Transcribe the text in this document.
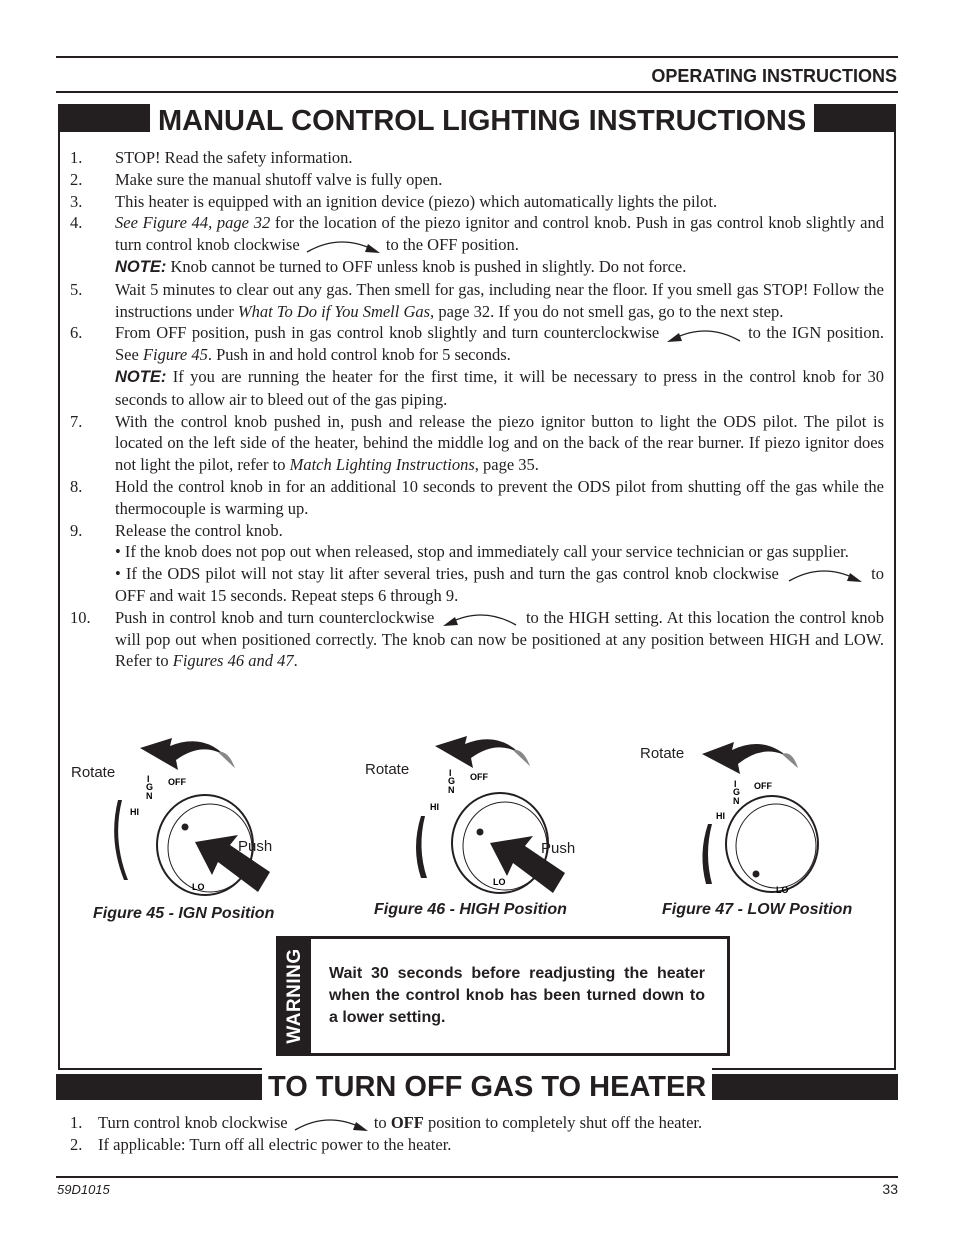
OPERATING INSTRUCTIONS
MANUAL CONTROL LIGHTING INSTRUCTIONS
1.	STOP! Read the safety information.
2.	Make sure the manual shutoff valve is fully open.
3.	This heater is equipped with an ignition device (piezo) which automatically lights the pilot.
4.	See Figure 44, page 32 for the location of the piezo ignitor and control knob. Push in gas control knob slightly and turn control knob clockwise	to the OFF position.
NOTE: Knob cannot be turned to OFF unless knob is pushed in slightly. Do not force.
5.	Wait 5 minutes to clear out any gas. Then smell for gas, including near the floor. If you smell gas STOP! Follow the instructions under What To Do if You Smell Gas, page 32. If you do not smell gas, go to the next step.
6.	From OFF position, push in gas control knob slightly and turn counterclockwise	to the IGN position. See Figure 45. Push in and hold control knob for 5 seconds.
NOTE: If you are running the heater for the first time, it will be necessary to press in the control knob for 30 seconds to allow air to bleed out of the gas piping.
7.	With the control knob pushed in, push and release the piezo ignitor button to light the ODS pilot. The pilot is located on the left side of the heater, behind the middle log and on the back of the rear burner. If piezo ignitor does not light the pilot, refer to Match Lighting Instructions, page 35.
8.	Hold the control knob in for an additional 10 seconds to prevent the ODS pilot from shutting off the gas while the thermocouple is warming up.
9.	Release the control knob.

• If the knob does not pop out when released, stop and immediately call your service technician or gas supplier.
• If the ODS pilot will not stay lit after several tries, push and turn the gas control knob clockwise	to OFF and wait 15 seconds. Repeat steps 6 through 9.
10.	Push in control knob and turn counterclockwise	to the HIGH setting. At this location the control knob will pop out when positioned correctly. The knob can now be positioned at any position between HIGH and LOW. Refer to Figures 46 and 47.
I
G
N
OFF
HI
LO
Rotate
Push
Figure 45 - IGN Position
I
G
N
OFF
HI
LO
Rotate
Push
Figure 46 - HIGH Position
I
G
N
OFF
HI
LO
Rotate
Figure 47 - LOW Position
WARNING Wait 30 seconds before readjusting the heater when the control knob has been turned down to a lower setting.
TO TURN OFF GAS TO HEATER
1. Turn control knob clockwise	to OFF position to completely shut off the heater.
2. If applicable: Turn off all electric power to the heater.
59D1015	33
